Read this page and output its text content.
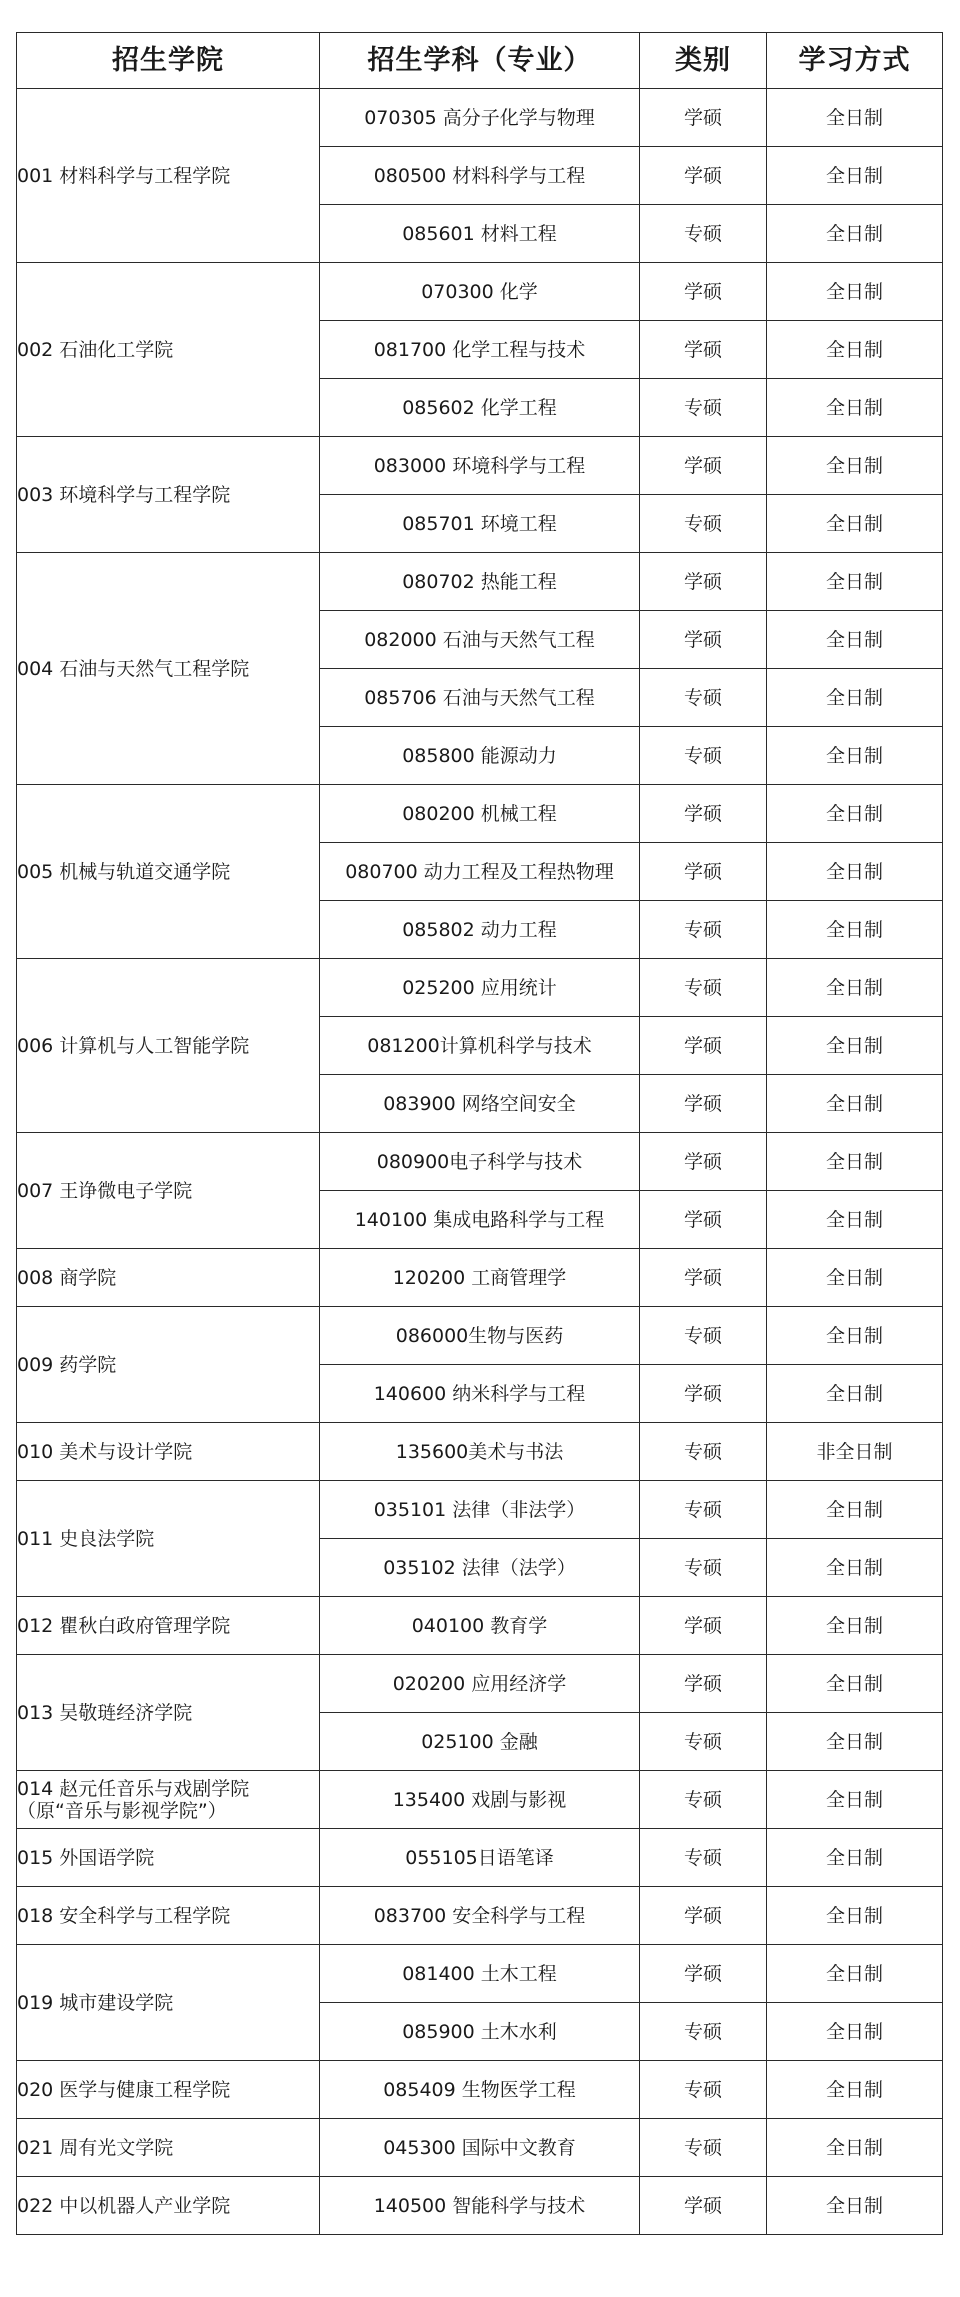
招生学院	招生学科（专业）	类别	学习方式

001 材料科学与工程学院	070305 高分子化学与物理	学硕	全日制
	080500 材料科学与工程	学硕	全日制
	085601 材料工程	专硕	全日制

002 石油化工学院	070300 化学	学硕	全日制
	081700 化学工程与技术	学硕	全日制
	085602 化学工程	专硕	全日制

003 环境科学与工程学院	083000 环境科学与工程	学硕	全日制
	085701 环境工程	专硕	全日制

004 石油与天然气工程学院	080702 热能工程	学硕	全日制
	082000 石油与天然气工程	学硕	全日制
	085706 石油与天然气工程	专硕	全日制
	085800 能源动力	专硕	全日制

005 机械与轨道交通学院	080200 机械工程	学硕	全日制
	080700 动力工程及工程热物理	学硕	全日制
	085802 动力工程	专硕	全日制

006 计算机与人工智能学院	025200 应用统计	专硕	全日制
	081200计算机科学与技术	学硕	全日制
	083900 网络空间安全	学硕	全日制

007 王诤微电子学院	080900电子科学与技术	学硕	全日制
	140100 集成电路科学与工程	学硕	全日制

008 商学院	120200 工商管理学	学硕	全日制

009 药学院	086000生物与医药	专硕	全日制
	140600 纳米科学与工程	学硕	全日制

010 美术与设计学院	135600美术与书法	专硕	非全日制

011 史良法学院	035101 法律（非法学）	专硕	全日制
	035102 法律（法学）	专硕	全日制

012 瞿秋白政府管理学院	040100 教育学	学硕	全日制

013 吴敬琏经济学院	020200 应用经济学	学硕	全日制
	025100 金融	专硕	全日制

014 赵元任音乐与戏剧学院
（原“音乐与影视学院”）	135400 戏剧与影视	专硕	全日制

015 外国语学院	055105日语笔译	专硕	全日制

018 安全科学与工程学院	083700 安全科学与工程	学硕	全日制

019 城市建设学院	081400 土木工程	学硕	全日制
	085900 土木水利	专硕	全日制

020 医学与健康工程学院	085409 生物医学工程	专硕	全日制

021 周有光文学院	045300 国际中文教育	专硕	全日制

022 中以机器人产业学院	140500 智能科学与技术	学硕	全日制
